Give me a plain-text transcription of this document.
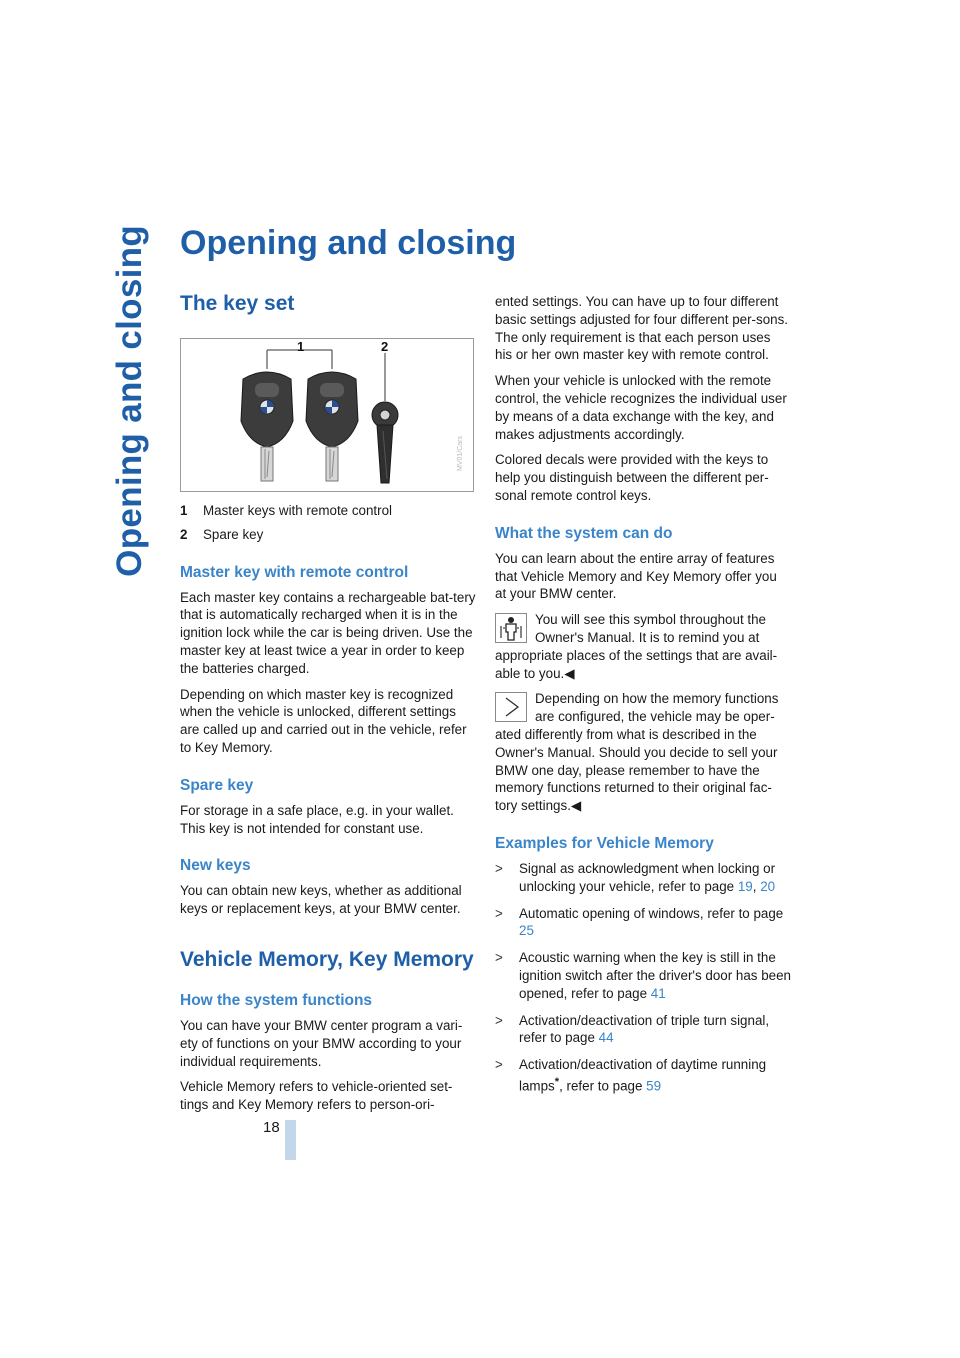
Opening and closing Opening and closing
The key set
1	2
MV01/Cars
1	Master keys with remote control
2	Spare key
Master key with remote control

Each master key contains a rechargeable bat-tery that is automatically recharged when it is in the ignition lock while the car is being driven. Use the master key at least twice a year in order to keep the batteries charged.

Depending on which master key is recognized when the vehicle is unlocked, different settings are called up and carried out in the vehicle, refer to Key Memory.

Spare key

For storage in a safe place, e.g. in your wallet. This key is not intended for constant use.

New keys

You can obtain new keys, whether as additional keys or replacement keys, at your BMW center.

Vehicle Memory, Key Memory
How the system functions

You can have your BMW center program a vari-ety of functions on your BMW according to your individual requirements.

Vehicle Memory refers to vehicle-oriented set-tings and Key Memory refers to person-ori-

ented settings. You can have up to four different basic settings adjusted for four different per-sons. The only requirement is that each person uses his or her own master key with remote control.

When your vehicle is unlocked with the remote control, the vehicle recognizes the individual user by means of a data exchange with the key, and makes adjustments accordingly.

Colored decals were provided with the keys to help you distinguish between the different per-sonal remote control keys.

What the system can do

You can learn about the entire array of features that Vehicle Memory and Key Memory offer you at your BMW center.

You will see this symbol throughout the Owner's Manual. It is to remind you at appropriate places of the settings that are avail-able to you.◀

Depending on how the memory functions are configured, the vehicle may be oper-ated differently from what is described in the Owner's Manual. Should you decide to sell your BMW one day, please remember to have the memory functions returned to their original fac-tory settings.◀

Examples for Vehicle Memory
>	Signal as acknowledgment when locking or unlocking your vehicle, refer to page 19, 20

>	Automatic opening of windows, refer to page 25

>	Acoustic warning when the key is still in the ignition switch after the driver's door has been opened, refer to page 41

>	Activation/deactivation of triple turn signal, refer to page 44

>	Activation/deactivation of daytime running lamps*, refer to page 59

18
